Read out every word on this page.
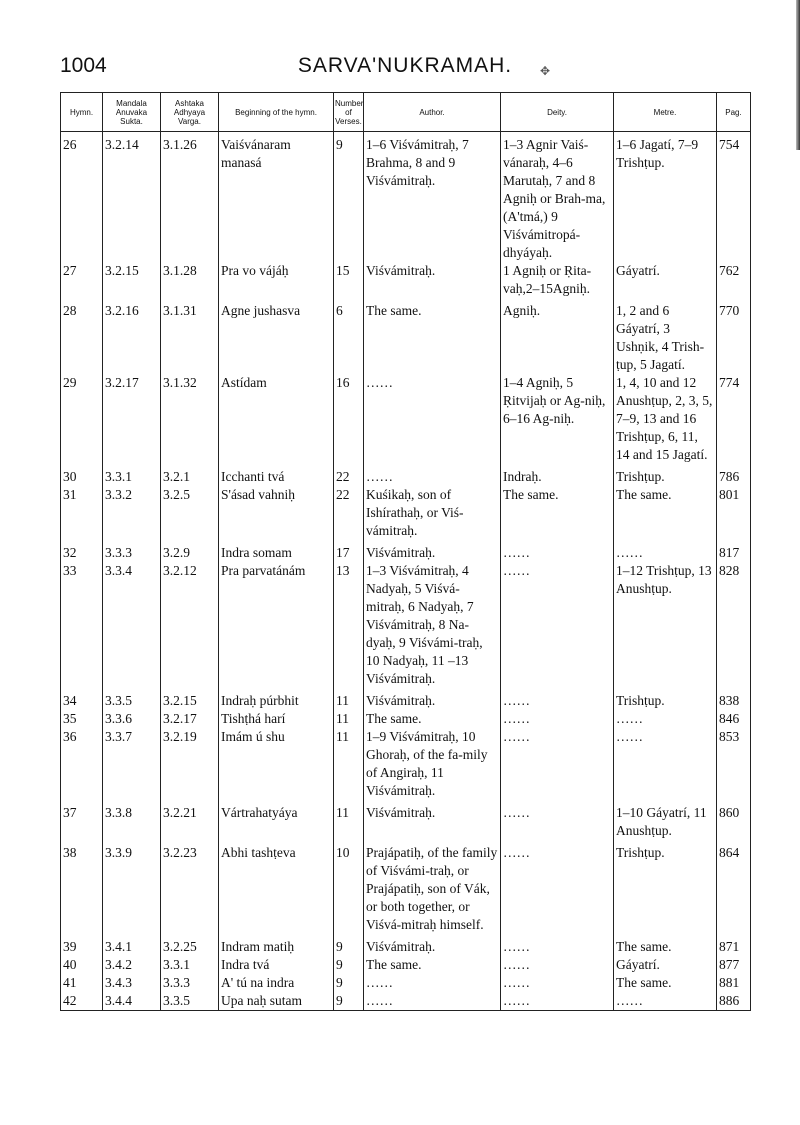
1004	SARVA'NUKRAMAH.	✥
Hymn.	Mandala Anuvaka Sukta.	Ashtaka Adhyaya Varga.	Beginning of the hymn.	Number of Verses.	Author.	Deity.	Metre.	Pag.
26	3.2.14	3.1.26	Vaiśvánaram manasá	9	1–6 Viśvámitraḥ, 7 Brahma, 8 and 9 Viśvámitraḥ.	1–3 Agnir Vaiś-vánaraḥ, 4–6 Marutaḥ, 7 and 8 Agniḥ or Brah-ma, (A'tmá,) 9 Viśvámitropá-dhyáyaḥ.	1–6 Jagatí, 7–9 Trishṭup.	754
27	3.2.15	3.1.28	Pra vo vájáḥ	15	Viśvámitraḥ.	1 Agniḥ or Ṛita-vaḥ,2–15Agniḥ.	Gáyatrí.	762
28	3.2.16	3.1.31	Agne jushasva	6	The same.	Agniḥ.	1, 2 and 6 Gáyatrí, 3 Ushṇik, 4 Trish-ṭup, 5 Jagatí.	770
29	3.2.17	3.1.32	Astídam	16	……	1–4 Agniḥ, 5 Ṛitvijaḥ or Ag-niḥ, 6–16 Ag-niḥ.	1, 4, 10 and 12 Anushṭup, 2, 3, 5, 7–9, 13 and 16 Trishṭup, 6, 11, 14 and 15 Jagatí.	774
30	3.3.1	3.2.1	Icchanti tvá	22	……	Indraḥ.	Trishṭup.	786
31	3.3.2	3.2.5	S'ásad vahniḥ	22	Kuśikaḥ, son of Ishírathaḥ, or Viś-vámitraḥ.	The same.	The same.	801
32	3.3.3	3.2.9	Indra somam	17	Viśvámitraḥ.	……	……	817
33	3.3.4	3.2.12	Pra parvatánám	13	1–3 Viśvámitraḥ, 4 Nadyaḥ, 5 Viśvá-mitraḥ, 6 Nadyaḥ, 7 Viśvámitraḥ, 8 Na-dyaḥ, 9 Viśvámi-traḥ, 10 Nadyaḥ, 11 –13 Viśvámitraḥ.	……	1–12 Trishṭup, 13 Anushṭup.	828
34	3.3.5	3.2.15	Indraḥ púrbhit	11	Viśvámitraḥ.	……	Trishṭup.	838
35	3.3.6	3.2.17	Tishṭhá harí	11	The same.	……	……	846
36	3.3.7	3.2.19	Imám ú shu	11	1–9 Viśvámitraḥ, 10 Ghoraḥ, of the fa-mily of Angiraḥ, 11 Viśvámitraḥ.	……	……	853
37	3.3.8	3.2.21	Vártrahatyáya	11	Viśvámitraḥ.	……	1–10 Gáyatrí, 11 Anushṭup.	860
38	3.3.9	3.2.23	Abhi tashṭeva	10	Prajápatiḥ, of the family of Viśvámi-traḥ, or Prajápatiḥ, son of Vák, or both together, or Viśvá-mitraḥ himself.	……	Trishṭup.	864
39	3.4.1	3.2.25	Indram matiḥ	9	Viśvámitraḥ.	……	The same.	871
40	3.4.2	3.3.1	Indra tvá	9	The same.	……	Gáyatrí.	877
41	3.4.3	3.3.3	A' tú na indra	9	……	……	The same.	881
42	3.4.4	3.3.5	Upa naḥ sutam	9	……	……	……	886
